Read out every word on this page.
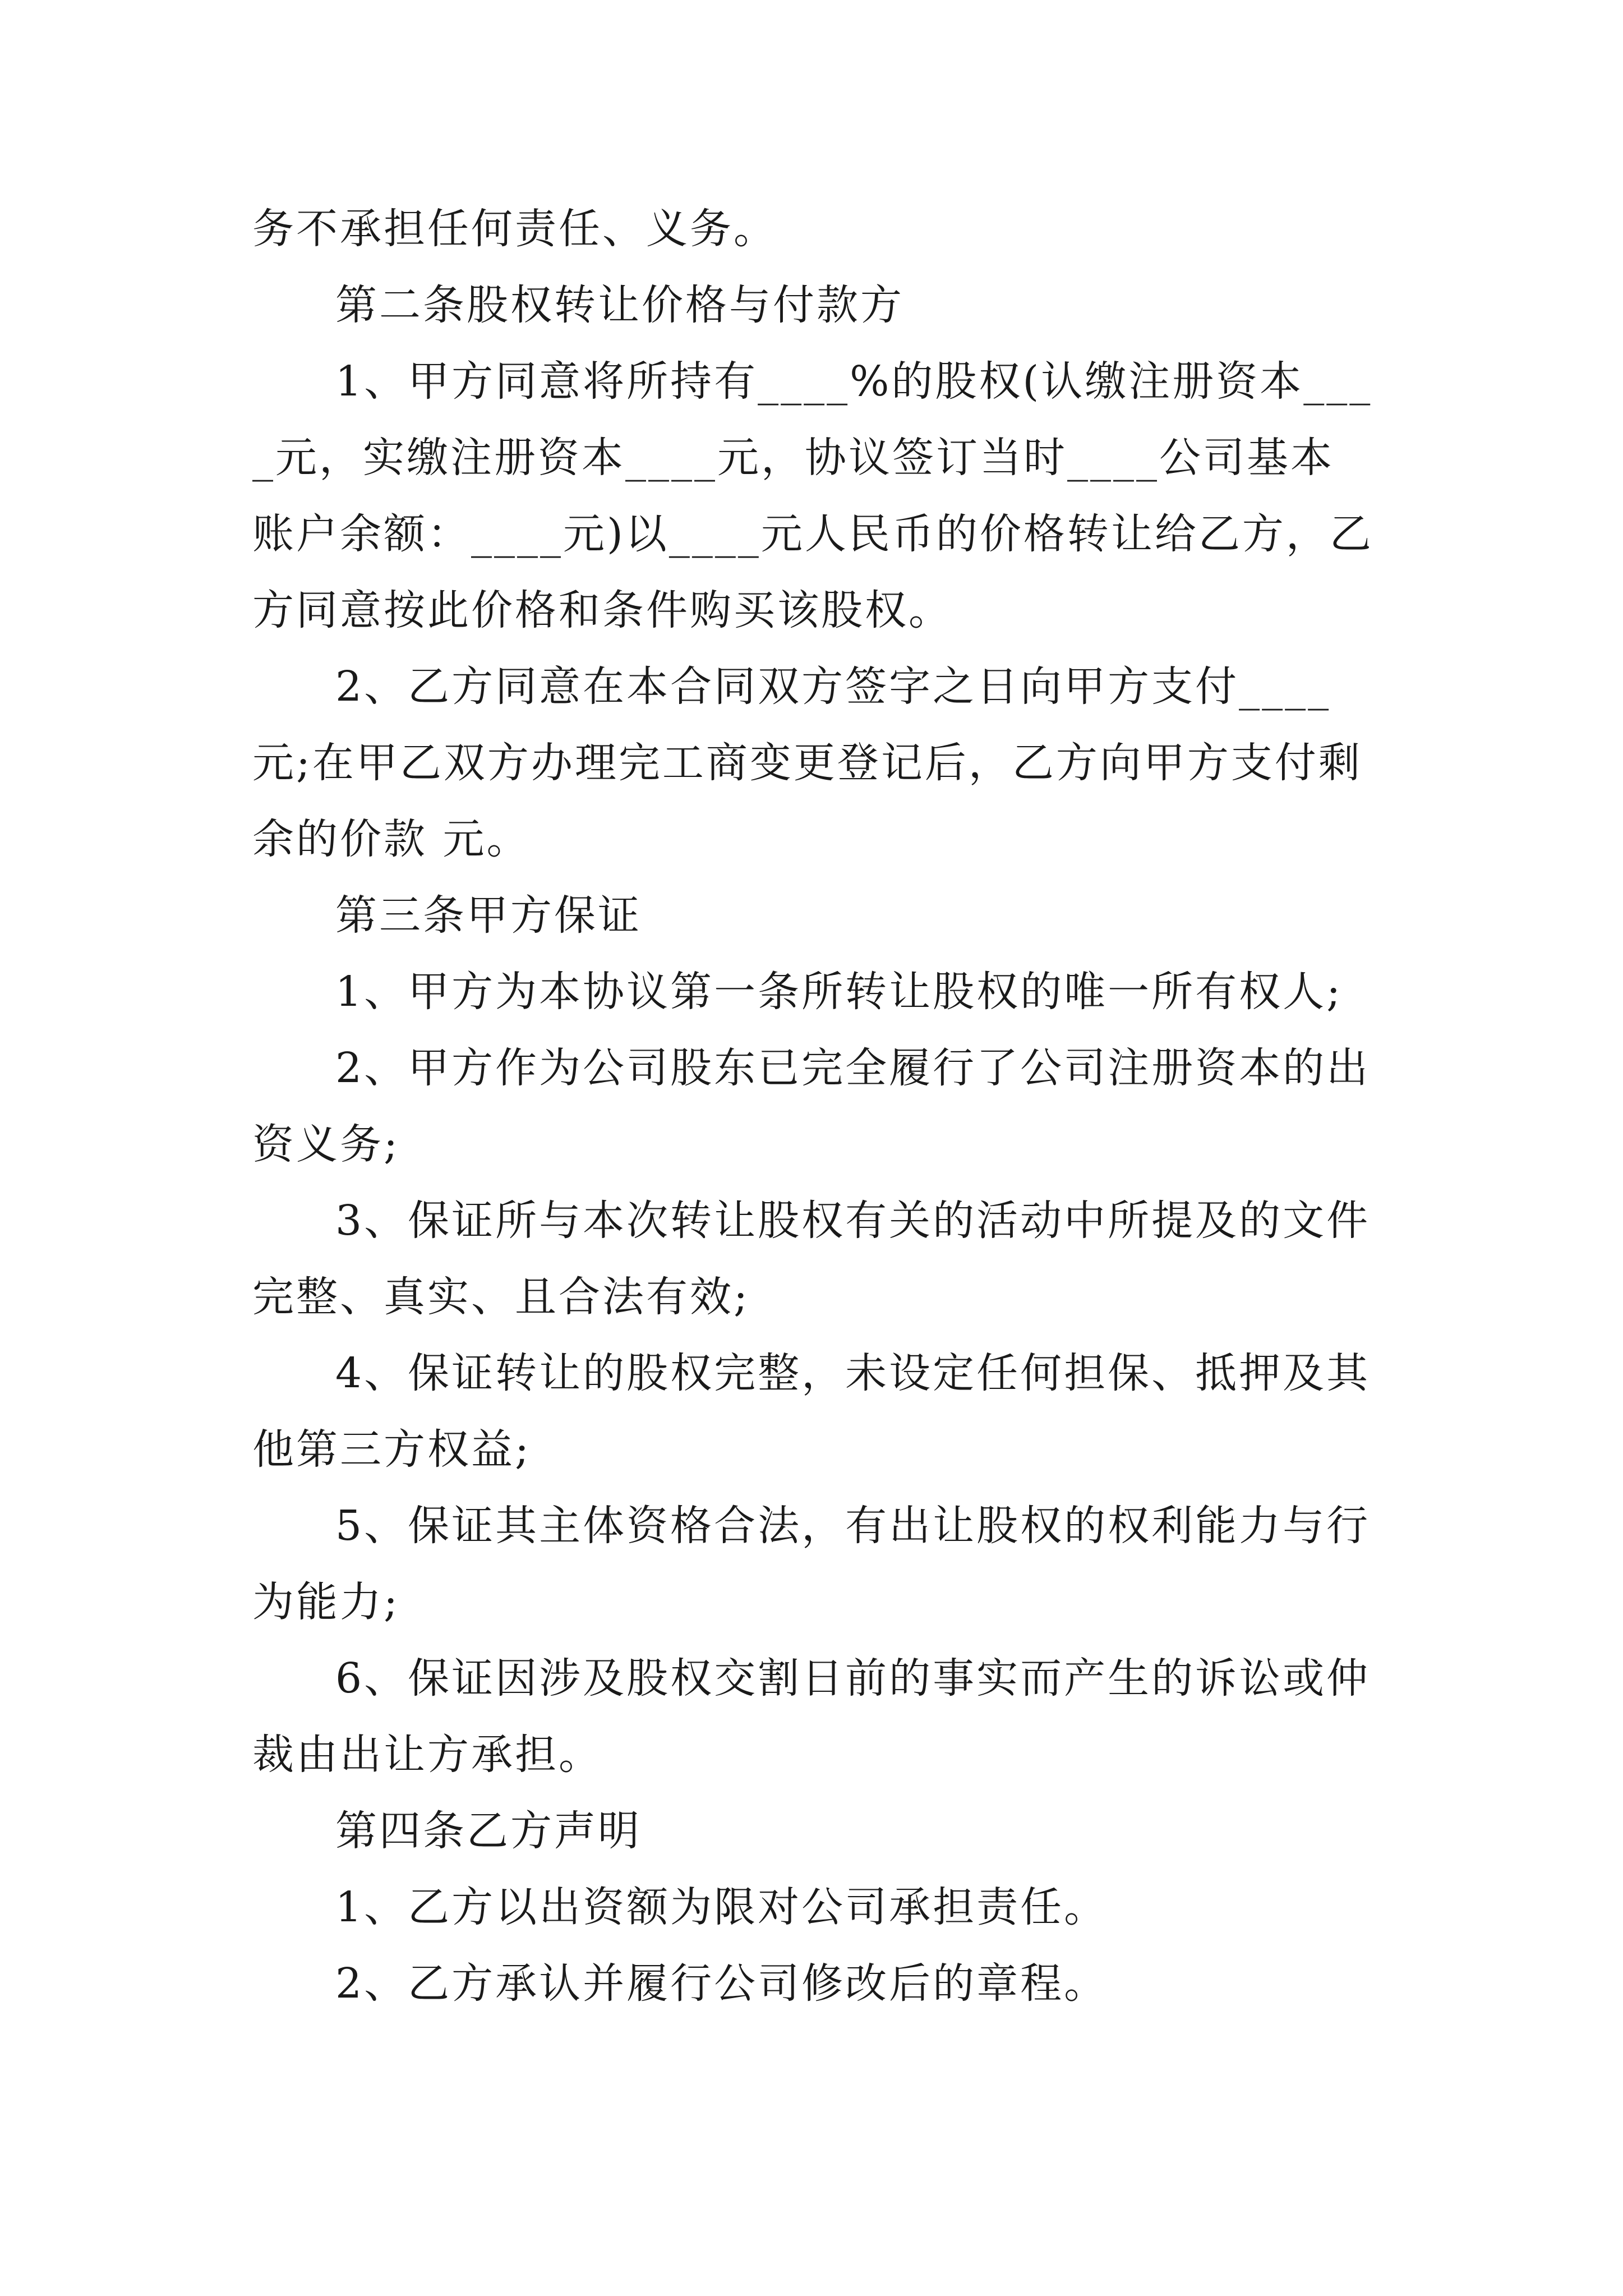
务不承担任何责任、义务。

第二条股权转让价格与付款方

1、甲方同意将所持有____%的股权(认缴注册资本____元，实缴注册资本____元，协议签订当时____公司基本账户余额：____元)以____元人民币的价格转让给乙方，乙方同意按此价格和条件购买该股权。

2、乙方同意在本合同双方签字之日向甲方支付____元;在甲乙双方办理完工商变更登记后，乙方向甲方支付剩余的价款 元。

第三条甲方保证

1、甲方为本协议第一条所转让股权的唯一所有权人;

2、甲方作为公司股东已完全履行了公司注册资本的出资义务;

3、保证所与本次转让股权有关的活动中所提及的文件完整、真实、且合法有效;

4、保证转让的股权完整，未设定任何担保、抵押及其他第三方权益;

5、保证其主体资格合法，有出让股权的权利能力与行为能力;

6、保证因涉及股权交割日前的事实而产生的诉讼或仲裁由出让方承担。

第四条乙方声明

1、乙方以出资额为限对公司承担责任。

2、乙方承认并履行公司修改后的章程。
